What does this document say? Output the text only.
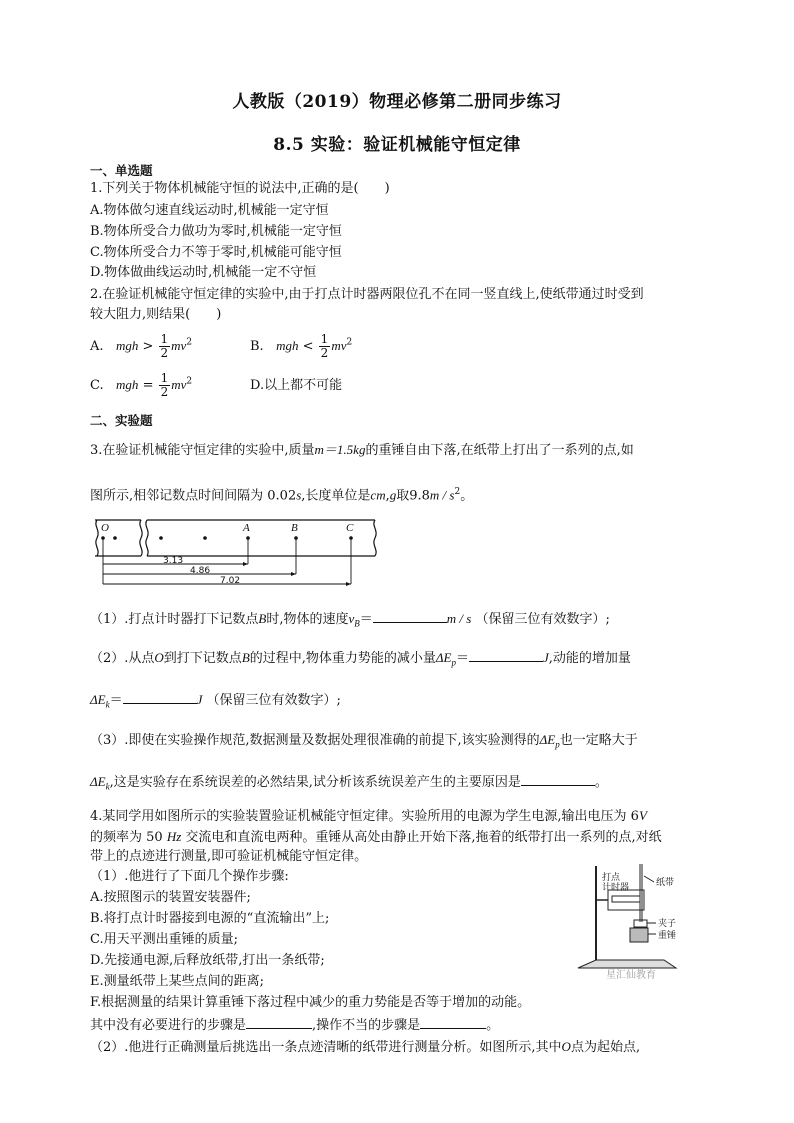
人教版（2019）物理必修第二册同步练习
8.5 实验：验证机械能守恒定律
一、单选题
1.下列关于物体机械能守恒的说法中,正确的是(　　)
A.物体做匀速直线运动时,机械能一定守恒
B.物体所受合力做功为零时,机械能一定守恒
C.物体所受合力不等于零时,机械能可能守恒
D.物体做曲线运动时,机械能一定不守恒
2.在验证机械能守恒定律的实验中,由于打点计时器两限位孔不在同一竖直线上,使纸带通过时受到
较大阻力,则结果(　　)
A. mgh > $\frac{1}{2} mv^2$	B. mgh < $\frac{1}{2} mv^2$
C. mgh = $\frac{1}{2} mv^2$	D.以上都不可能
二、实验题
3.在验证机械能守恒定律的实验中,质量m＝1.5kg的重锤自由下落,在纸带上打出了一系列的点,如
图所示,相邻记数点时间间隔为 0.02s,长度单位是cm,g取$9.8m / s^2$。
O	A	B	C
3.13
4.86
7.02
（1）.打点计时器打下记数点B时,物体的速度$v_B=$	m / s （保留三位有效数字）;
（2）.从点O到打下记数点B的过程中,物体重力势能的减小量$\Delta E_p=$	J,动能的增加量
$\Delta E_k=$	J （保留三位有效数字）;
（3）.即使在实验操作规范,数据测量及数据处理很准确的前提下,该实验测得的$\Delta E_p$也一定略大于
$\Delta E_k$,这是实验存在系统误差的必然结果,试分析该系统误差产生的主要原因是	。
4.某同学用如图所示的实验装置验证机械能守恒定律。实验所用的电源为学生电源,输出电压为 6V
的频率为 50 Hz 交流电和直流电两种。重锤从高处由静止开始下落,拖着的纸带打出一系列的点,对纸
带上的点迹进行测量,即可验证机械能守恒定律。
（1）.他进行了下面几个操作步骤:
A.按照图示的装置安装器件;
B.将打点计时器接到电源的“直流输出”上;
C.用天平测出重锤的质量;
D.先接通电源,后释放纸带,打出一条纸带;
E.测量纸带上某些点间的距离;
F.根据测量的结果计算重锤下落过程中减少的重力势能是否等于增加的动能。
其中没有必要进行的步骤是	,操作不当的步骤是	。
（2）.他进行正确测量后挑选出一条点迹清晰的纸带进行测量分析。如图所示,其中O点为起始点,
打点
计时器	纸带
夹子
重锤
星汇仙教育
